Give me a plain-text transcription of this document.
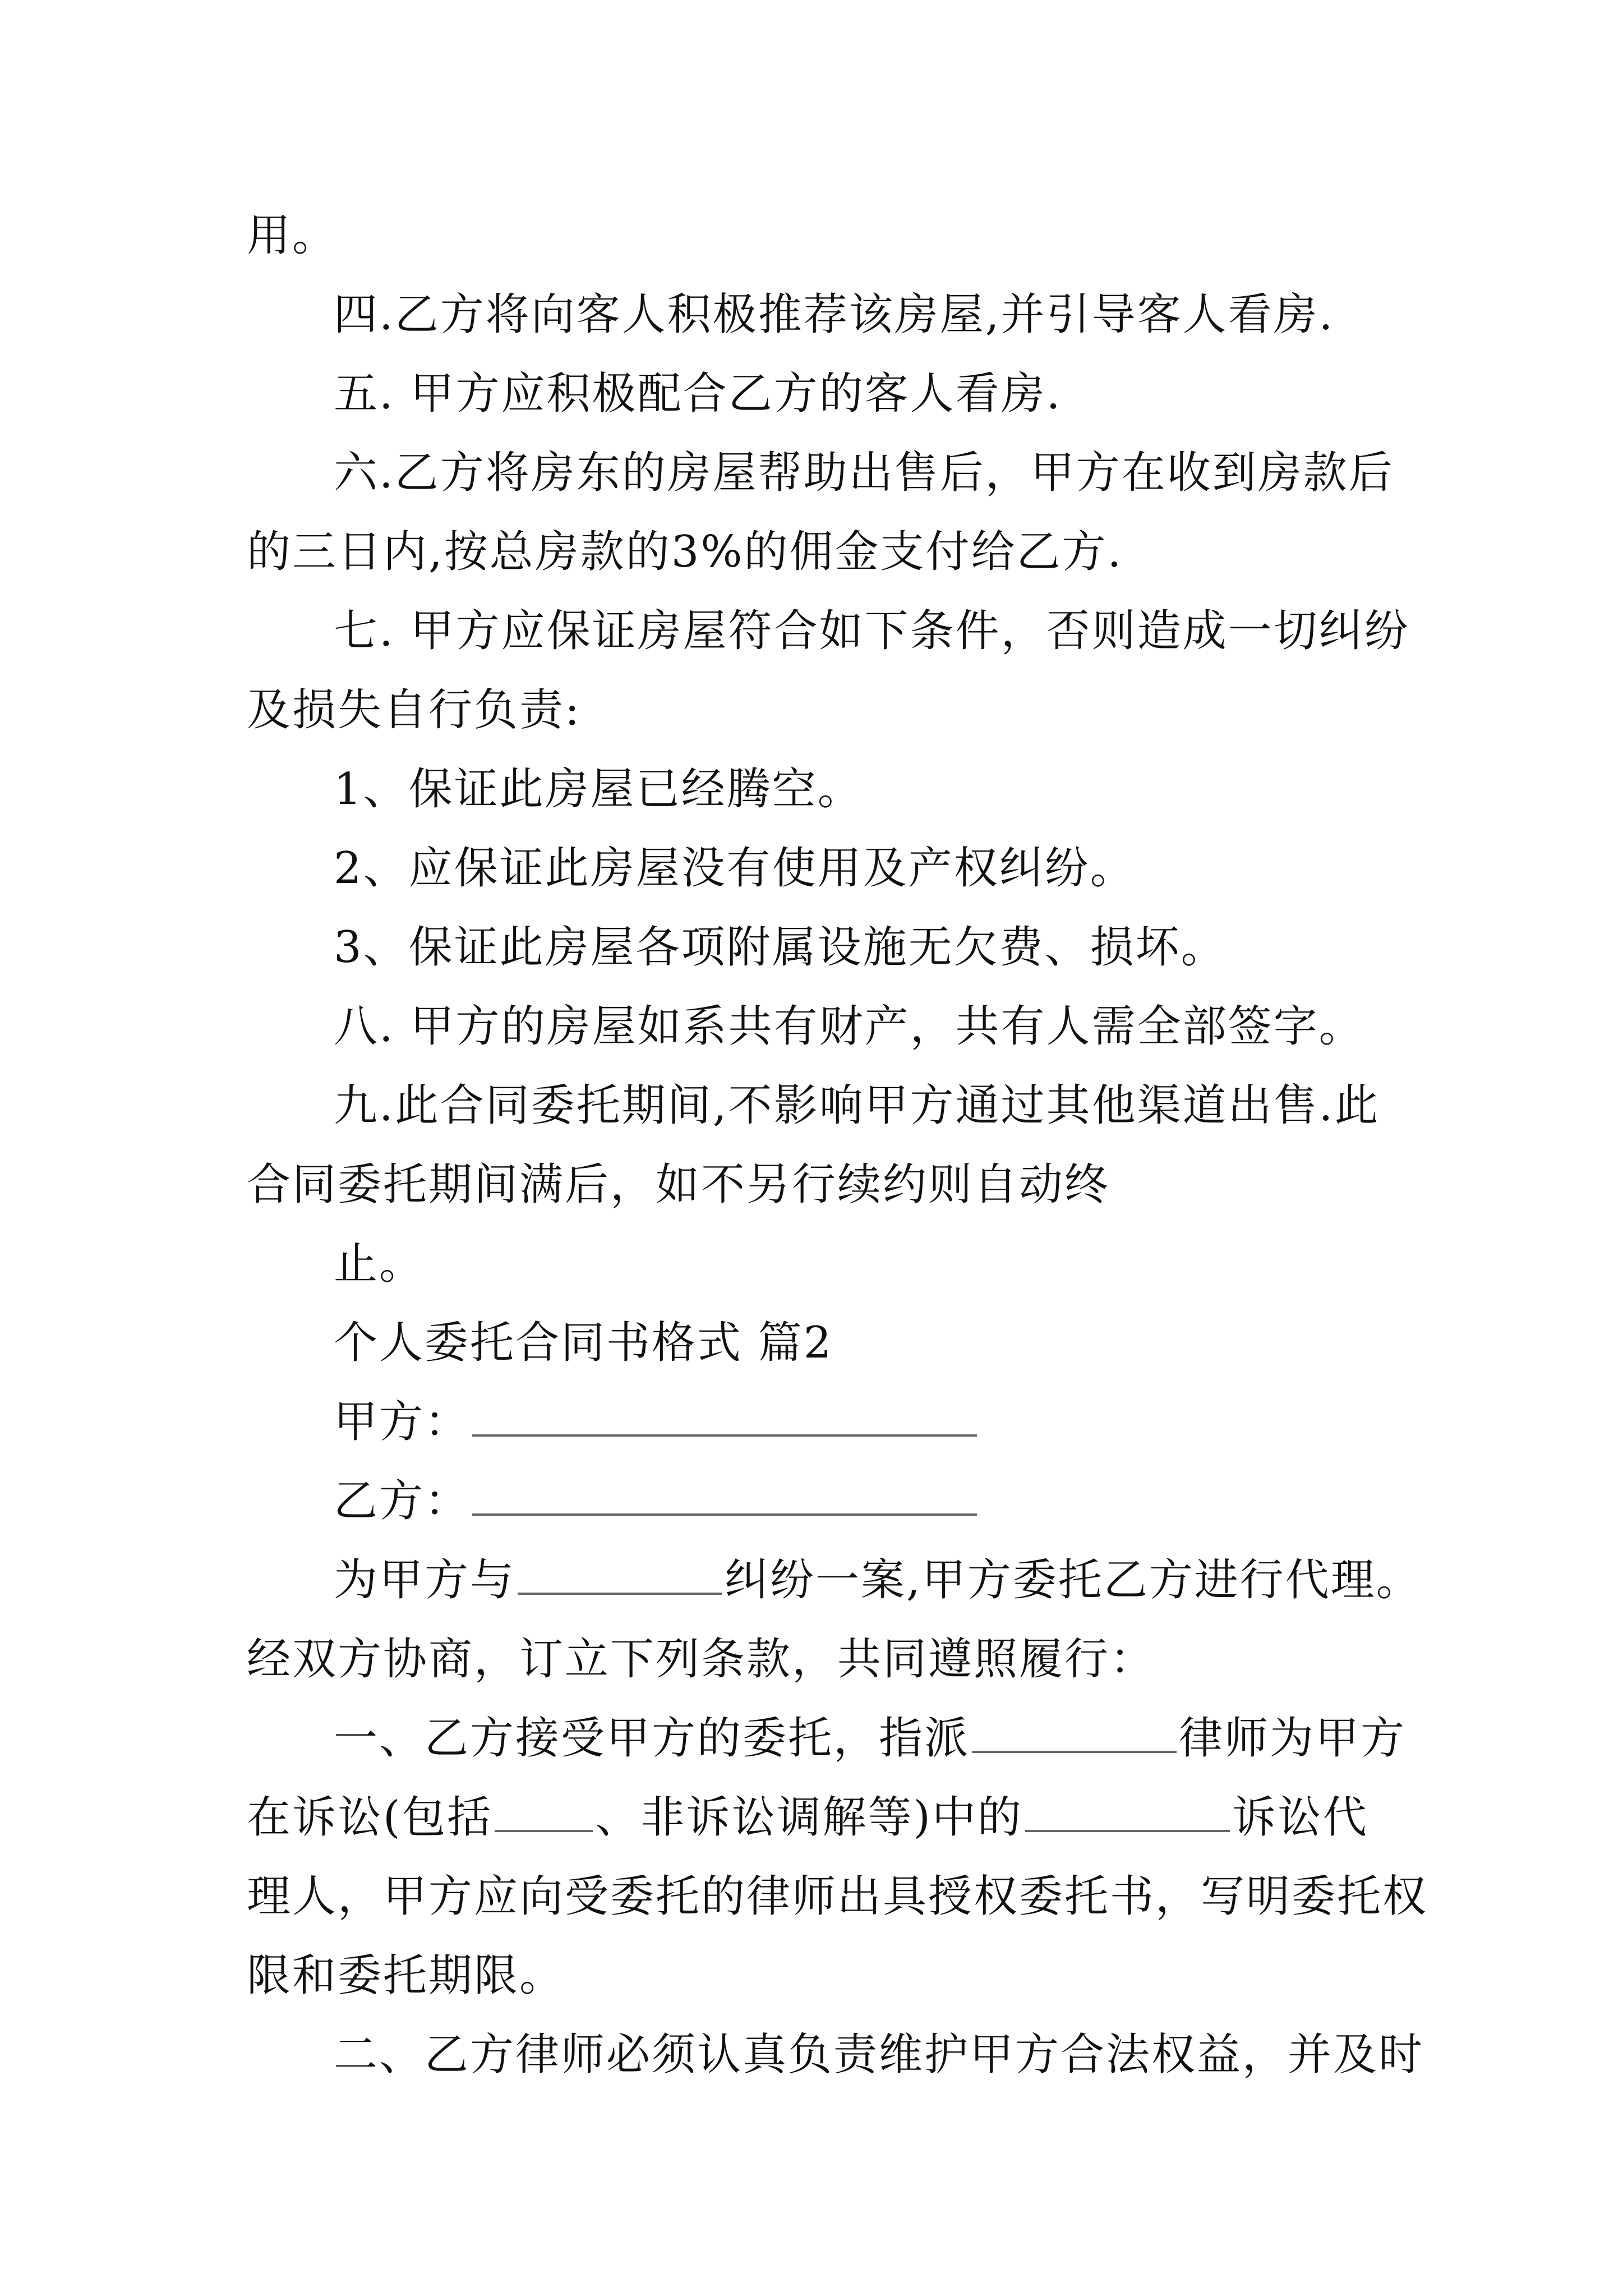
用。
四.乙方将向客人积极推荐该房屋,并引导客人看房.
五. 甲方应积极配合乙方的客人看房.
六.乙方将房东的房屋帮助出售后，甲方在收到房款后
的三日内,按总房款的3%的佣金支付给乙方.
七. 甲方应保证房屋符合如下条件，否则造成一切纠纷
及损失自行负责:
1、保证此房屋已经腾空。
2、应保证此房屋没有使用及产权纠纷。
3、保证此房屋各项附属设施无欠费、损坏。
八. 甲方的房屋如系共有财产，共有人需全部签字。
九.此合同委托期间,不影响甲方通过其他渠道出售.此
合同委托期间满后，如不另行续约则自动终
止。
个人委托合同书格式 篇2
甲方：
乙方：
为甲方与	纠纷一案,甲方委托乙方进行代理。
经双方协商，订立下列条款，共同遵照履行：
一、乙方接受甲方的委托，指派	律师为甲方
在诉讼(包括 、非诉讼调解等)中的	诉讼代
理人，甲方应向受委托的律师出具授权委托书，写明委托权
限和委托期限。
二、乙方律师必须认真负责维护甲方合法权益，并及时
